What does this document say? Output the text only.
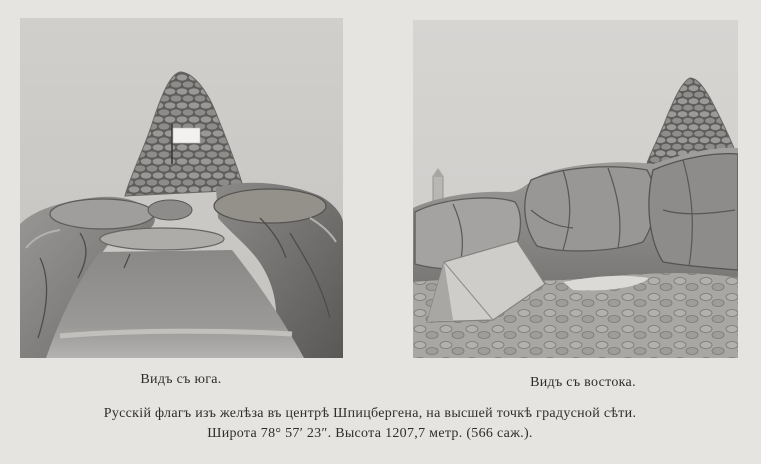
Видъ съ юга.	Видъ съ востока.
Русскій флагъ изъ желѣза въ центрѣ Шпицбергена, на высшей точкѣ градусной сѣти.
Широта 78° 57′ 23″. Высота 1207,7 метр. (566 саж.).
